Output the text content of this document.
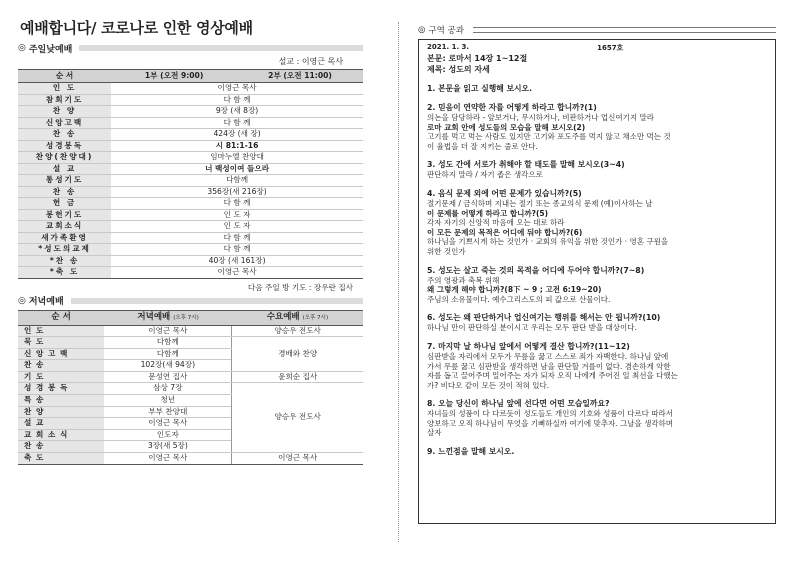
예배합니다/ 코로나로 인한 영상예배
◎ 주일낮예배
설교 : 이영근 목사
순 서	1부 (오전 9:00)	2부 (오전 11:00)
인 도	이영근 목사	
참회기도	다 함 께	
찬 양	9장 (새 8장)	
신앙고백	다 함 께	
찬 송	424장 (새 장)	
성경봉독	시 81:1-16	
찬양(찬양대)	임마누엘 찬양대	
설 교	너 백성이여 들으라	
통성기도	다함께	
찬 송	356장(새 216장)	
헌 금	다 함 께	
봉헌기도	인 도 자	
교회소식	인 도 자	
새가족환영	다 함 께	
*성도의교제	다 함 께	
*찬 송	40장 (새 161장)	
*축 도	이영근 목사	
다음 주일 방 기도 : 장우란 집사
◎ 저녁예배
순 서	저녁예배 (오후 7시)	수요예배 (오후 7시)
인 도	이영근 목사	양승우 전도사
묵 도	다함께	경배와 찬양
신 앙 고 백	다함께	
찬 송	102장(새 94장)	
기 도	문성연 집사	윤희순 집사
성 경 봉 독	삼상 7장	양승우 전도사
특 송	청년	
찬 양	부부 찬양대	
설 교	이영근 목사	
교 회 소 식	인도자	
찬 송	3장(새 5장)	
축 도	이영근 목사	이영근 목사
◎ 구역 공과
2021. 1. 3.	1657호
본문: 로마서 14장 1~12절
제목: 성도의 자세
1. 본문을 읽고 실행해 보시오.
2. 믿음이 연약한 자를 어떻게 하라고 합니까?(1)
의논을 담당하라 - 앞보거나, 무시하거나, 비판하거나 업신여기지 말라
로마 교회 안에 성도들의 모습을 말해 보시오(2)
고기를 먹고 먹는 사람도 있지만 고기와 포도주를 먹지 않고 채소만 먹는 것
이 율법을 더 잘 지키는 줄로 안다.
3. 성도 간에 서로가 취해야 할 태도를 말해 보시오(3~4)
판단하지 말라 / 자기 좁은 생각으로
4. 음식 문제 외에 어떤 문제가 있습니까?(5)
절기문제 / 금식하며 지내는 절기 또는 종교의식 문제 (예)이사하는 날
이 문제를 어떻게 하라고 합니까?(5)
각자 자기의 신앙적 마음에 오는 대로 하라
이 모든 문제의 목적은 어디에 둬야 합니까?(6)
하나님을 기쁘시게 하는 것인가 · 교회의 유익을 위한 것인가 · 영혼 구원을
위한 것인가
5. 성도는 살고 죽는 것의 목적을 어디에 두어야 합니까?(7~8)
주의 영광과 축복 위해
왜 그렇게 해야 합니까?(8下 ~ 9 ; 고전 6:19~20)
주님의 소유물이다. 예수그리스도의 피 값으로 산물이다.
6. 성도는 왜 판단하거나 업신여기는 행위를 해서는 안 됩니까?(10)
하나님 만이 판단하실 분이시고 우리는 모두 판단 받을 대상이다.
7. 마지막 날 하나님 앞에서 어떻게 결산 합니까?(11~12)
심판받을 자리에서 모두가 무릎을 꿇고 스스로 죄가 자백한다. 하나님 앞에
가서 무릎 꿇고 심판받을 생각하면 남을 판단할 겨를이 없다. 겸손하게 악한
자를 돕고 끌어주며 밀어주는 자가 되자 오직 나에게 주어진 일 최선을 다했는
가? 비다오 같이 모든 것이 적혀 있다.
8. 오늘 당신이 하나님 앞에 선다면 어떤 모습일까요?
자녀들의 성품이 다 다르듯이 성도들도 개인의 기호와 성품이 다르다 따라서
양보하고 오직 하나님이 무엇을 기뻐하실까 여기에 맞추자. 그날을 생각하며
살자
9. 느낀점을 말해 보시오.
